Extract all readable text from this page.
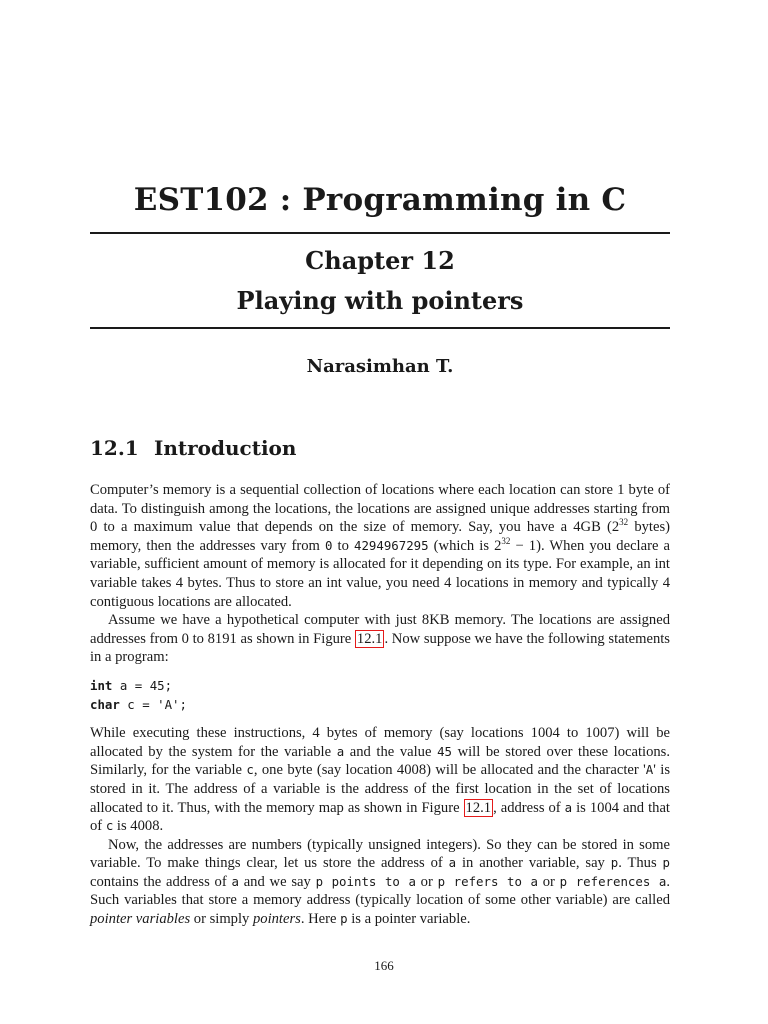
EST102 : Programming in C
Chapter 12
Playing with pointers
Narasimhan T.
12.1 Introduction

Computer’s memory is a sequential collection of locations where each location can store 1 byte of data. To distinguish among the locations, the locations are assigned unique addresses starting from 0 to a maximum value that depends on the size of memory. Say, you have a 4GB ($2^{32}$ bytes) memory, then the addresses vary from 0 to 4294967295 (which is $2^{32} - 1$). When you declare a variable, sufficient amount of memory is allocated for it depending on its type. For example, an int variable takes 4 bytes. Thus to store an int value, you need 4 locations in memory and typically 4 contiguous locations are allocated.

Assume we have a hypothetical computer with just 8KB memory. The locations are assigned addresses from 0 to 8191 as shown in Figure 12.1 . Now suppose we have the following statements in a program:

int a = 45;
char c = 'A';

While executing these instructions, 4 bytes of memory (say locations 1004 to 1007) will be allocated by the system for the variable a and the value 45 will be stored over these locations. Similarly, for the variable c, one byte (say location 4008) will be allocated and the character 'A' is stored in it. The address of a variable is the address of the first location in the set of locations allocated to it. Thus, with the memory map as shown in Figure 12.1 , address of a is 1004 and that of c is 4008.

Now, the addresses are numbers (typically unsigned integers). So they can be stored in some variable. To make things clear, let us store the address of a in another variable, say p. Thus p contains the address of a and we say p points to a or p refers to a or p references a. Such variables that store a memory address (typically location of some other variable) are called pointer variables or simply pointers. Here p is a pointer variable.

166
